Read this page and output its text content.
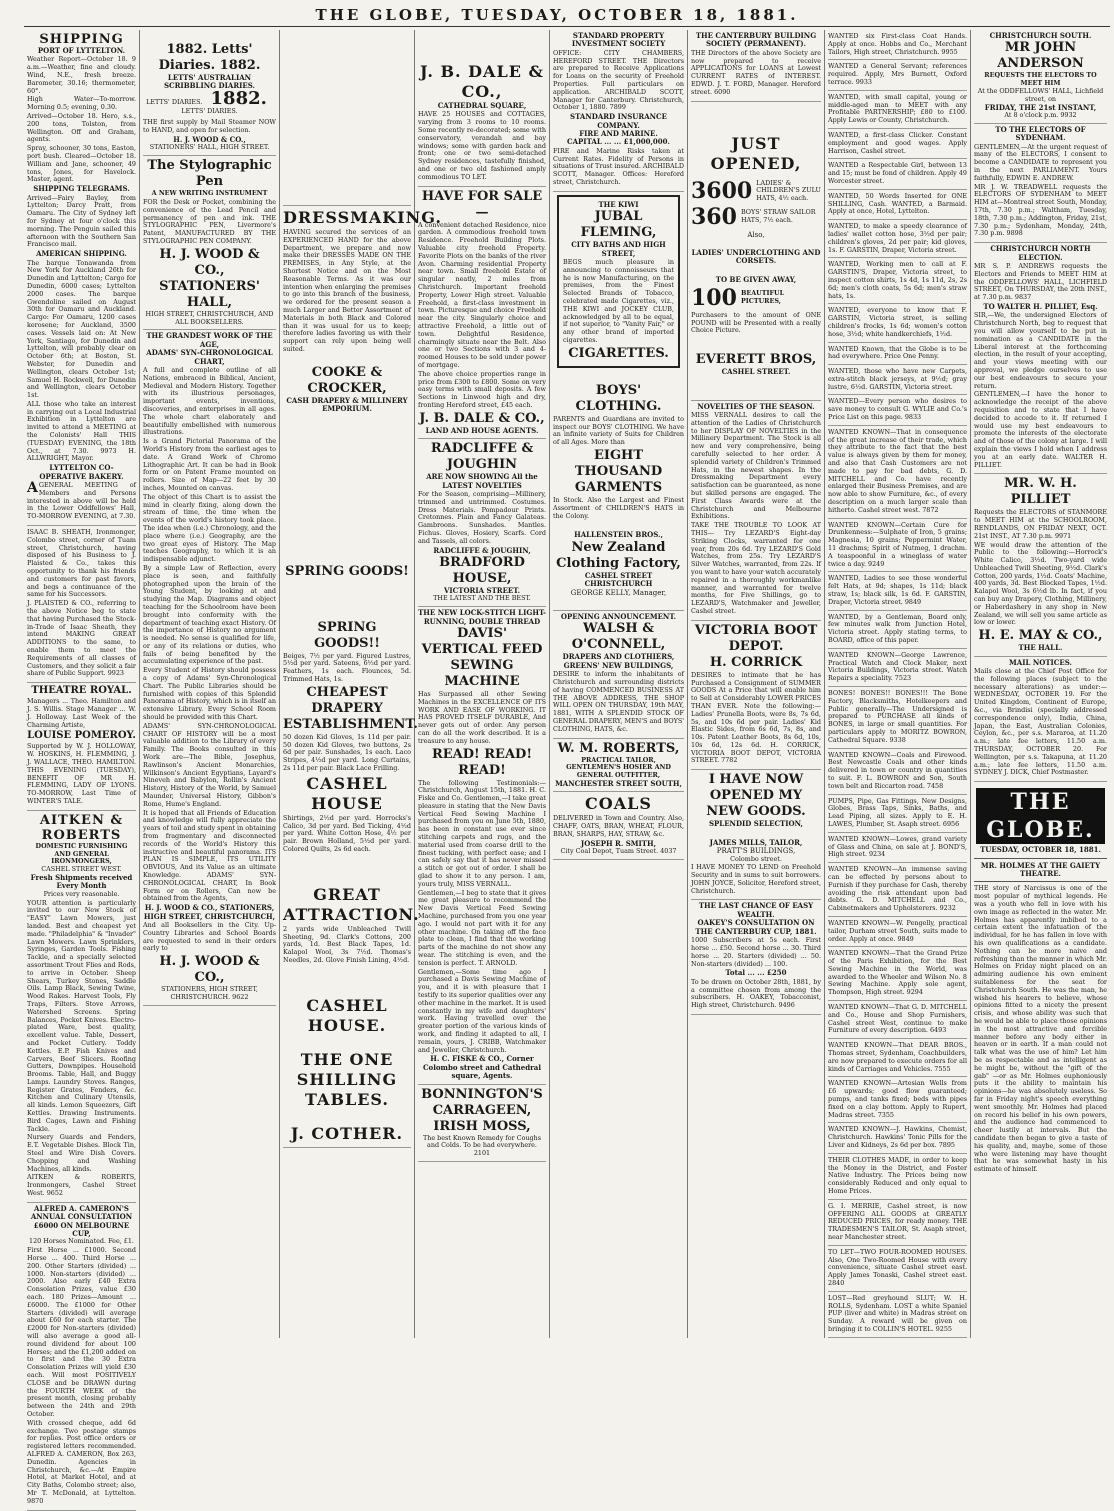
THE GLOBE, TUESDAY, OCTOBER 18, 1881.
SHIPPING
PORT OF LYTTELTON.
Weather Report—October 18. 9 a.m.—Weather, fine and cloudy. Wind, N.E., fresh breeze. Barometer, 30.16; thermometer, 60°.
High Water—To-morrow. Morning 0.5; evening, 0.30.
Arrived—October 18. Hero, s.s., 200 tons, Tolston, from Wellington. Off and Graham, agents.
Spray, schooner, 30 tons, Easton, port bush. Cleared—October 18. William and Jane, schooner, 49 tons, Jones, for Havelock. Master, agent.
SHIPPING TELEGRAMS.
Arrived—Fairy Bayley, from Lyttelton; Darcy Pratt, from Oamaru. The City of Sydney left for Sydney at four o'clock this morning. The Penguin sailed this afternoon with the Southern San Francisco mail.
AMERICAN SHIPPING.
The barque Tonawanda from New York for Auckland 26th for Dunedin and Lyttelton; Cargo for Dunedin, 6000 cases; Lyttelton 2000 cases. The barque Gwendoline sailed on August 30th for Oamaru and Auckland. Cargo: For Oamaru, 1200 cases kerosene; for Auckland, 3500 cases. Vessels laid on: At New York, Santiago, for Dunedin and Lyttelton, will probably clear on October 6th; at Boston, St. Webster, for Dunedin and Wellington, clears October 1st; Samuel H. Rockwell, for Dunedin and Wellington, clears October 1st.
ALL those who take an interest in carrying out a Local Industrial Exhibition in Lyttelton are invited to attend a MEETING at the Colonists' Hall THIS (TUESDAY) EVENING, the 18th Oct., at 7.30. 9973 H. ALLWRIGHT, Mayor.
LYTTELTON CO-OPERATIVE BAKERY.
AGENERAL MEETING of Members and Persons interested in above will be held in the Lower Oddfellows' Hall, TO-MORROW EVENING, at 7.30.
ISAAC B. SHEATH, Ironmonger, Colombo street, corner of Tuam street, Christchurch, having disposed of his Business to J. Plaisted & Co., takes this opportunity to thank his friends and customers for past favors, and begs a continuance of the same for his Successors.
J. PLAISTED & CO., referring to the above Notice beg to state that having Purchased the Stock-in-Trade of Isaac Sheath, they intend MAKING GREAT ADDITIONS to the same, to enable them to meet the Requirements of all classes of Customers, and they solicit a fair share of Public Support. 9923
THEATRE ROYAL.
Managers ... Theo. Hamilton and J. S. Willis. Stage Manager ... W. J. Holloway. Last Week of the Charming Artiste,
LOUISE POMEROY.
Supported by W. J. HOLLOWAY, W. HOSKINS, H. FLEMMING, J. J. WALLACE, THEO. HAMILTON. THIS EVENING (TUESDAY), BENEFIT OF MR H. FLEMMING, LADY OF LYONS. TO-MORROW, Last Time of WINTER'S TALE.
AITKEN & ROBERTS
DOMESTIC FURNISHING AND GENERAL IRONMONGERS,
CASHEL STREET WEST.
Fresh Shipments received Every Month
Prices very reasonable.
YOUR attention is particularly invited to our New Stock of "EASY" Lawn Mowers, just landed. Best and cheapest yet made. "Philadelphia" & "Invader" Lawn Mowers. Lawn Sprinklers, Syringes, Garden Tools. Fishing Tackle, and a specially selected assortment Trout Flies and Rods, to arrive in October. Sheep Shears, Turkey Stones, Saddle Oils. Lamp Black, Sewing Twine, Wood Rakes. Harvest Tools, Fly Traps, Filters. Stove Arrows, Watershed Screens. Spring Balances, Pocket Knives. Electro-plated Ware, best quality, excellent value. Table, Dessert, and Pocket Cutlery. Toddy Kettles. E.P. Fish Knives and Carvers, Beef Slicers. Roofing Gutters, Downpipes. Household Brooms. Table, Hall, and Buggy Lamps. Laundry Stoves. Ranges, Register Grates, Fenders, &c. Kitchen and Culinary Utensils, all kinds. Lemon Squeezers, Gift Kettles. Drawing Instruments. Bird Cages, Lawn and Fishing Tackle.
Nursery Guards and Fenders, E.T. Vegetable Dishes. Block Tin, Steel and Wire Dish Covers. Chopping and Washing Machines, all kinds.
AITKEN & ROBERTS, Ironmongers, Cashel Street West. 9652
ALFRED A. CAMERON'S ANNUAL CONSULTATION
£6000 ON MELBOURNE CUP,
120 Horses Nominated. Fee, £1.
First Horse ... £1000. Second Horse ... 400. Third Horse ... 200. Other Starters (divided) ... 1000. Non-starters (divided) ... 2000. Also early £40 Extra Consolation Prizes, value £30 each. 180 Prizes—Amount ... £6000. The £1000 for Other Starters (divided) will average about £60 for each starter. The £2000 for Non-starters (divided) will also average a good all-round dividend for about 100 Horses; and the £1,200 added on to first and the 30 Extra Consolation Prizes will yield £30 each. Will most POSITIVELY CLOSE and be DRAWN during the FOURTH WEEK of the present month, closing probably between the 24th and 29th October.
With crossed cheque, add 6d exchange. Two postage stamps for replies. Post office orders or registered letters recommended. ALFRED A. CAMERON, Box 263, Dunedin. Agencies in Christchurch, &c.—At Empire Hotel, at Market Hotel, and at City Baths, Colombo street; also, Mr T. McDonald, at Lyttelton. 9870
1882. Letts' Diaries. 1882.
LETTS' AUSTRALIAN SCRIBBLING DIARIES.
LETTS' DIARIES. 1882. LETTS' DIARIES.
THE first supply by Mail Steamer NOW to HAND, and open for selection.
H. J. WOOD & CO.,
STATIONERS' HALL, HIGH STREET.
The Stylographic Pen
A NEW WRITING INSTRUMENT
FOR the Desk or Pocket, combining the convenience of the Lead Pencil and permanency of pen and ink. THE STYLOGRAPHIC PEN, Livermore's Patent, MANUFACTURED BY THE STYLOGRAPHIC PEN COMPANY.
H. J. WOOD & CO., STATIONERS' HALL,
HIGH STREET, CHRISTCHURCH, AND ALL BOOKSELLERS.
THE GRANDEST WORK OF THE AGE,
ADAMS' SYN-CHRONOLOGICAL CHART,
A full and complete outline of all Nations, embraced in Biblical, Ancient, Medieval and Modern History. Together with its illustrious personages, important events, inventions, discoveries, and enterprises in all ages. The whole chart elaborately and beautifully embellished with numerous illustrations.
Is a Grand Pictorial Panorama of the World's History from the earliest ages to date. A Grand Work of Chromo Lithographic Art. It can be had in Book form or on Patent Frame mounted on rollers. Size of Map—22 feet by 30 inches, Mounted on canvas.
The object of this Chart is to assist the mind in clearly fixing, along down the stream of time, the time when the events of the world's history took place. The idea when (i.e.) Chronology, and the place where (i.e.) Geography, are the two great eyes of History. The Map teaches Geography, to which it is an indispensable adjunct.
By a simple Law of Reflection, every place is seen, and faithfully photographed upon the brain of the Young Student, by looking at and studying the Map. Diagrams and object teaching for the Schoolroom have been brought into conformity with the department of teaching exact History. Of the importance of History no argument is needed. No sense is qualified for life, or any of its relations or duties, who fails of being benefited by the accumulating experience of the past.
Every Student of History should possess a copy of Adams' Syn-Chronological Chart. The Public Libraries should be furnished with copies of this Splendid Panorama of History, which is in itself an extensive Library. Every School Room should be provided with this Chart.
ADAMS' SYN-CHRONOLOGICAL CHART OF HISTORY will be a most valuable addition to the Library of every Family. The Books consulted in this Work are—The Bible, Josephus, Rawlinson's Ancient Monarchies, Wilkinson's Ancient Egyptians, Layard's Nineveh and Babylon, Rollin's Ancient History, History of the World, by Samuel Maunder, Universal History, Gibbon's Rome, Hume's England.
It is hoped that all Friends of Education and knowledge will fully appreciate the years of toil and study spent in obtaining from fragmentary and disconnected records of the World's History this instructive and beautiful panorama. ITS PLAN IS SIMPLE, ITS UTILITY OBVIOUS, And its Value as an ultimate Knowledge. ADAMS' SYN-CHRONOLOGICAL CHART, In Book Form or on Rollers, Can now be obtained from the Agents,
H. J. WOOD & CO., STATIONERS, HIGH STREET, CHRISTCHURCH,
And all Booksellers in the City. Up-Country Libraries and School Boards are requested to send in their orders early to
H. J. WOOD & CO.,
STATIONERS, HIGH STREET, CHRISTCHURCH. 9622
DRESSMAKING.
HAVING secured the services of an EXPERIENCED HAND for the above Department, we prepare and now make their DRESSES MADE ON THE PREMISES, in Any Style, at the Shortest Notice and on the Most Reasonable Terms. As it was our intention when enlarging the premises to go into this branch of the business, we ordered for the present season a much Larger and Better Assortment of Materials in both Black and Colored than it was usual for us to keep; therefore ladies favoring us with their support can rely upon being well suited.
COOKE & CROCKER,
CASH DRAPERY & MILLINERY EMPORIUM.
SPRING GOODS!
SPRING GOODS!!
Beiges, 7½ per yard. Figured Lustres, 5½d per yard. Sateens, 6½d per yard. Feathers, 1s each. Flounces, 5d. Trimmed Hats, 1s.
CHEAPEST DRAPERY ESTABLISHMENT.
50 dozen Kid Gloves, 1s 11d per pair. 50 dozen Kid Gloves, two buttons, 2s 6d per pair. Sunshades, 1s each. Laco Stripes, 4½d per yard. Long Curtains, 2s 11d per pair. Black Lace Frilling.
CASHEL HOUSE
Shirtings, 2½d per yard. Horrocks's Calico, 3d per yard. Bed Ticking, 4½d per yard. White Cotton Hose, 4½ per pair. Brown Holland, 5½d per yard. Colored Quilts, 2s 6d each.
GREAT
ATTRACTION.
2 yards wide Unbleached Twill Sheeting, 9d. Clark's Cottons, 200 yards, 1d. Best Black Tapes, 1d. Kalapol Wool, 3s 7½d. Thomas's Needles, 2d. Glove Finish Lining, 4½d.
CASHEL HOUSE.
THE ONE SHILLING TABLES.
J. COTHER.
J. B. DALE & CO.,
CATHEDRAL SQUARE,
HAVE 25 HOUSES and COTTAGES, varying from 3 rooms to 10 rooms. Some recently re-decorated; some with conservatory, verandah and bay windows; some with garden back and front; one or two semi-detached Sydney residences, tastefully finished, and one or two old fashioned amply commodious TO LET.
HAVE FOR SALE—
A convenient detached Residence, nice garden. A commodious freehold town Residence. Freehold Building Plots. Valuable city freehold Property. Favorite Plots on the banks of the river Avon. Charming residential Property near town. Small freehold Estate of singular neatly, 2 miles from Christchurch. Important freehold Property, Lower High street. Valuable Freehold, a first-class investment in town. Picturesque and choice Freehold near the city. Singularly choice and attractive Freehold, a little out of town. Delightful Residence, charmingly situate near the Belt. Also one or two Sections with 3 and 4-roomed Houses to be sold under power of mortgage.
The above choice properties range in price from £300 to £800. Some on very easy terms with small deposits. A few Sections in Linwood high and dry, fronting Hereford street, £45 each.
J. B. DALE & CO.,
LAND AND HOUSE AGENTS.
RADCLIFFE & JOUGHIN
ARE NOW SHOWING All the LATEST NOVELTIES
For the Season, comprising—Millinery, trimmed and untrimmed. Costumes. Dress Materials. Pompadour Prints. Cretonnes. Plain and Fancy Galateas. Gambroons. Sunshades. Mantles. Fichus. Gloves, Hosiery, Scarfs. Cord and Tassels, all colors.
RADCLIFFE & JOUGHIN,
BRADFORD HOUSE,
VICTORIA STREET.
THE LATEST AND THE BEST.
THE NEW LOCK-STITCH LIGHT-RUNNING, DOUBLE THREAD
DAVIS' VERTICAL FEED SEWING MACHINE
Has Surpassed all other Sewing Machines in the EXCELLENCE OF ITS WORK AND EASE OF WORKING. IT HAS PROVED ITSELF DURABLE, And never gets out of order. Any person can do all the work described. It is a treasure to any house.
READ! READ! READ!
The following Testimonials:— Christchurch, August 15th, 1881. H. C. Fiske and Co. Gentlemen,—I take great pleasure in stating that the New Davis Vertical Feed Sewing Machine I purchased from you on June 5th, 1880, has been in constant use ever since stitching carpets and rugs, and the material used from coarse drill to the finest tucking, with perfect ease; and I can safely say that it has never missed a stitch or got out of order. I shall be glad to show it to any person. I am, yours truly, MISS VERNALL.
Gentlemen,—I beg to state that it gives me great pleasure to recommend the New Davis Vertical Feed Sewing Machine, purchased from you one year ago. I would not part with it for any other machine. On taking off the face plate to clean, I find that the working parts of the machine do not show any wear. The stitching is even, and the tension is perfect. T. ARNOLD.
Gentlemen,—Some time ago I purchased a Davis Sewing Machine of you, and it is with pleasure that I testify to its superior qualities over any other machine in the market. It is used constantly in my wife and daughters' work. Having travelled over the greater portion of the various kinds of work, and finding it adapted to all, I remain, yours, J. CRIBB, Watchmaker and Jeweller, Christchurch.
H. C. FISKE & CO., Corner Colombo street and Cathedral square, Agents.
BONNINGTON'S CARRAGEEN, IRISH MOSS,
The best Known Remedy for Coughs and Colds. To be had everywhere. 2101
STANDARD PROPERTY INVESTMENT SOCIETY
OFFICE: CITY CHAMBERS, HEREFORD STREET. THE Directors are prepared to Receive Applications for Loans on the security of Freehold Properties. Full particulars on application. ARCHIBALD SCOTT, Manager for Canterbury. Christchurch, October 1, 1880. 7899
STANDARD INSURANCE COMPANY.
FIRE AND MARINE.
CAPITAL ... ... £1,000,000.
FIRE and Marine Risks taken at Current Rates. Fidelity of Persons in situations of Trust insured. ARCHIBALD SCOTT, Manager. Offices: Hereford street, Christchurch.
THE KIWI
JUBAL FLEMING,
CITY BATHS AND HIGH STREET,
BEGS much pleasure in announcing to connoisseurs that he is now Manufacturing, on the premises, from the Finest Selected Brands of Tobacco, celebrated made Cigarettes, viz., THE KIWI and JOCKEY CLUB, acknowledged by all to be equal, if not superior, to "Vanity Fair," or any other brand of imported cigarettes.
CIGARETTES.
BOYS' CLOTHING.
PARENTS and Guardians are invited to inspect our BOYS' CLOTHING. We have an infinite variety of Suits for Children of all Ages. More than
EIGHT THOUSAND GARMENTS
In Stock. Also the Largest and Finest Assortment of CHILDREN'S HATS in the Colony.
HALLENSTEIN BROS.,
New Zealand Clothing Factory,
CASHEL STREET
CHRISTCHURCH
GEORGE KELLY, Manager,
OPENING ANNOUNCEMENT.
WALSH & O'CONNELL,
DRAPERS AND CLOTHIERS,
GREENS' NEW BUILDINGS,
DESIRE to inform the inhabitants of Christchurch and surrounding districts of having COMMENCED BUSINESS AT THE ABOVE ADDRESS, THE SHOP WILL OPEN ON THURSDAY, 19th MAY, 1881, WITH A SPLENDID STOCK OF GENERAL DRAPERY, MEN'S and BOYS' CLOTHING, HATS, &c.
W. M. ROBERTS,
PRACTICAL TAILOR, GENTLEMEN'S HOSIER AND GENERAL OUTFITTER,
MANCHESTER STREET SOUTH,
COALS
DELIVERED in Town and Country. Also, CHAFF, OATS, BRAN, WHEAT, FLOUR, BRAN, SHARPS, HAY, STRAW, &c.
JOSEPH R. SMITH,
City Coal Depot, Tuam Street. 4037
THE CANTERBURY BUILDING SOCIETY (PERMANENT).
THE Directors of the above Society are now prepared to receive APPLICATIONS for LOANS at Lowest CURRENT RATES of INTEREST. EDWD. J. T. FORD, Manager. Hereford street. 6090
JUST OPENED,
3600 LADIES' & CHILDREN'S ZULU HATS, 4½ each.
360 BOYS' STRAW SAILOR HATS, 7½ each.
Also,
LADIES' UNDERCLOTHING AND CORSETS.
TO BE GIVEN AWAY,
100 BEAUTIFUL PICTURES,
Purchasers to the amount of ONE POUND will be Presented with a really Choice Picture.
EVERETT BROS,
CASHEL STREET.
NOVELTIES OF THE SEASON.
MISS VERNALL desires to call the attention of the Ladies of Christchurch to her DISPLAY OF NOVELTIES in the Millinery Department. The Stock is all new and very comprehensive, being carefully selected to her order. A splendid variety of Children's Trimmed Hats, in the newest shapes. In the Dressmaking Department every satisfaction can be guaranteed, as none but skilled persons are engaged. The First Class Awards were at the Christchurch and Melbourne Exhibitions.
TAKE THE TROUBLE TO LOOK AT THIS— Try LEZARD'S Eight-day Striking Clocks, warranted for one year, from 20s 6d. Try LEZARD'S Gold Watches, from 25s. Try LEZARD'S Silver Watches, warranted, from 22s. If you want to have your watch accurately repaired in a thoroughly workmanlike manner, and warranted for twelve months, for Five Shillings, go to LEZARD'S, Watchmaker and Jeweller, Cashel street.
VICTORIA BOOT DEPOT.
H. CORRICK
DESIRES to intimate that he has Purchased a Consignment of SUMMER GOODS At a Price that will enable him to Sell at Considerably LOWER PRICES THAN EVER. Note the following:— Ladies' Prunella Boots, were 8s, 7s 6d, 5s, and 10s 6d per pair. Ladies' Kid Elastic Sides, from 6s 6d, 7s, 8s, and 10s. Patent Leather Boots, 8s 6d, 10s, 10s 6d, 12s 6d. H. CORRICK, VICTORIA BOOT DEPOT, VICTORIA STREET. 7782
I HAVE NOW OPENED MY NEW GOODS.
SPLENDID SELECTION,
JAMES MILLS, TAILOR,
PRATT'S BUILDINGS,
Colombo street.
I HAVE MONEY TO LEND on Freehold Security and in sums to suit borrowers. JOHN JOYCE, Solicitor, Hereford street, Christchurch.
THE LAST CHANCE OF EASY WEALTH.
OAKEY'S CONSULTATION ON THE CANTERBURY CUP, 1881.
1000 Subscribers at 5s each. First horse ... £50. Second horse ... 30. Third horse ... 20. Starters (divided) ... 50. Non-starters (divided) ... 100.
Total ... ... £250
To be drawn on October 28th, 1881, by a committee chosen from among the subscribers. H. OAKEY, Tobacconist, High street, Christchurch. 9496
WANTED six First-class Coat Hands. Apply at once. Hobbs and Co., Merchant Tailors, High street, Christchurch. 9955
WANTED a General Servant; references required. Apply, Mrs Burnett, Oxford terrace. 9933
WANTED, with small capital, young or middle-aged man to MEET with any Profitable PARTNERSHIP; £80 to £100. Apply Lewis or County, Christchurch.
WANTED, a first-class Clicker. Constant employment and good wages. Apply Harrison, Cashel street.
WANTED a Respectable Girl, between 13 and 15; must be fond of children. Apply 49 Worcester street.
WANTED, 50 Words Inserted for ONE SHILLING, Cash. WANTED, a Barmaid. Apply at once, Hotel, Lyttelton.
WANTED, to make a speedy clearance of ladies' wallet cotton hose, 3½d per pair; children's gloves, 2d per pair; kid gloves, 1s. F. GARSTIN, Draper, Victoria street.
WANTED, Working men to call at F. GARSTIN'S, Draper, Victoria street, to inspect cotton shirts, 1s 4d, 1s 11d, 2s, 2s 6d; men's cloth coats, 5s 6d; men's straw hats, 1s.
WANTED, everyone to know that F. GARSTIN, Victoria street, is selling children's frocks, 1s 6d; women's cotton hose, 3½d; white handkerchiefs, 1½d.
WANTED Known, that the Globe is to be had everywhere. Price One Penny.
WANTED, those who have new Carpets, extra-stitch black jerseys, at 9½d; gray lustre, 6½d. GARSTIN, Victoria street.
WANTED—Every person who desires to save money to consult G. WYLIE and Co.'s Price List on this page. 9833
WANTED KNOWN—That in consequence of the great increase of their trade, which they attribute to the fact that the best value is always given by them for money, and also that Cash Customers are not made to pay for bad debts, G. D. MITCHELL and Co. have recently enlarged their Business Premises, and are now able to show Furniture, &c., of every description on a much larger scale than hitherto. Cashel street west. 7872
WANTED KNOWN—Certain Cure for Drunkenness:—Sulphate of Iron, 5 grains; Magnesia, 10 grains; Peppermint Water, 11 drachms; Spirit of Nutmeg, 1 drachm. A teaspoonful in a wineglass of water twice a day. 9249
WANTED, Ladies to see those wonderful felt Hats, at 9d; shapes, 1s 11d; black straw, 1s; black silk, 1s 6d. F. GARSTIN, Draper, Victoria street. 9849
WANTED, by a Gentleman, Board only, few minutes walk from Junction Hotel, Victoria street. Apply stating terms, to BOARD, office of this paper.
WANTED KNOWN—George Lawrence, Practical Watch and Clock Maker, next Victoria Buildings, Victoria street. Watch Repairs a speciality. 7523
BONES! BONES!! BONES!!! The Bone Factory, Blacksmiths, Hotelkeepers and Public generally—The Undersigned is prepared to PURCHASE all kinds of BONES, in large or small quantities. For particulars apply to MORITZ BOWRON, Cathedral Square. 9338
WANTED KNOWN—Coals and Firewood. Best Newcastle Coals and other kinds delivered in town or country in quantities to suit. F. L. BOWRON and Son, South town belt and Riccarton road. 7458
PUMPS, Pipe, Gas Fittings, New Designs, Globes, Brass Taps, Sinks, Baths, and Lead Piping, all sizes. Apply to E. H. LAWES, Plumber, St. Asaph street. 6956
WANTED KNOWN—Lowes, grand variety of Glass and China, on sale at J. BOND'S, High street. 9234
WANTED KNOWN—An immense saving can be effected by persons about to Furnish if they purchase for Cash, thereby avoiding the risk attendant upon bad debts. G. D. MITCHELL and Co., Cabinetmakers and Upholsterers. 9232
WANTED KNOWN—W. Pengelly, practical tailor, Durham street South, suits made to order. Apply at once. 9849
WANTED KNOWN—That the Grand Prize of the Paris Exhibition, for the Best Sewing Machine in the World, was awarded to the Wheeler and Wilson No. 8 Sewing Machine. Apply sole agent, Thompson, High street. 9294
WANTED KNOWN—That G. D. MITCHELL and Co., House and Shop Furnishers, Cashel street West, continue to make Furniture of every description. 6493
WANTED KNOWN—That DEAR BROS., Thomas street, Sydenham, Coachbuilders, are now prepared to execute orders for all kinds of Carriages and Vehicles. 7555
WANTED KNOWN—Artesian Wells from £6 upwards; good flow guaranteed; pumps, and tanks fixed; beds with pipes fixed on a clay bottom. Apply to Rupert, Madras street. 7355
WANTED KNOWN—J. Hawkins, Chemist, Christchurch. Hawkins' Tonic Pills for the Liver and Kidneys, 2s 6d per box. 7895
THEIR CLOTHES MADE, in order to keep the Money in the District, and Foster Native Industry. The Prices being now considerably Reduced and only equal to Home Prices.
G. I. MERRIE, Cashel street, is now OFFERING ALL GOODS at GREATLY REDUCED PRICES, for ready money. THE TRADESMEN'S TAILOR, St. Asaph street, near Manchester street.
TO LET—TWO FOUR-ROOMED HOUSES. Also, One Two-Roomed House with every convenience, situate Cashel street east. Apply James Tonaski, Cashel street east. 2840
LOST—Red greyhound SLUT; W. H. ROLLS, Sydenham. LOST a white Spaniel PUP (liver and white) in Madras street on Sunday. A reward will be given on bringing it to COLLIN'S HOTEL. 9255
CHRISTCHURCH SOUTH.
MR JOHN ANDERSON
REQUESTS THE ELECTORS TO MEET HIM
At the ODDFELLOWS' HALL, Lichfield street, on
FRIDAY, THE 21st INSTANT,
At 8 o'clock p.m. 9932
TO THE ELECTORS OF SYDENHAM.
GENTLEMEN,—At the urgent request of many of the ELECTORS, I consent to become a CANDIDATE to represent you in the next PARLIAMENT. Yours faithfully, EDWIN E. ANDREW.
MR J. W. TREADWELL requests the ELECTORS OF SYDENHAM to MEET HIM at—Montreal street South, Monday, 17th, 7.30 p.m.; Waltham, Tuesday, 18th, 7.30 p.m.; Addington, Friday, 21st, 7.30 p.m.; Sydenham, Monday, 24th, 7.30 p.m. 9898
CHRISTCHURCH NORTH ELECTION.
MR S. P. ANDREWS requests the Electors and Friends to MEET HIM at the ODDFELLOWS' HALL, LICHFIELD STREET, On THURSDAY, the 20th INST., at 7.30 p.m. 9837
TO WALTER H. PILLIET, Esq.
SIR,—We, the undersigned Electors of Christchurch North, beg to request that you will allow yourself to be put in nomination as a CANDIDATE in the Liberal interest at the forthcoming election, in the result of your accepting, and your views meeting with our approval, we pledge ourselves to use our best endeavours to secure your return.
GENTLEMEN,—I have the honor to acknowledge the receipt of the above requisition and to state that I have decided to accede to it. If returned I would use my best endeavours to promote the interests of the electorate and of those of the colony at large. I will explain the views I hold when I address you at an early date. WALTER H. PILLIET.
MR. W. H. PILLIET
Requests the ELECTORS of STANMORE to MEET HIM at the SCHOOLROOM, RENDLANDS, ON FRIDAY NEXT, OCT. 21st INST., AT 7.30 p.m. 9971
WE would draw the attention of the Public to the following:—Horrock's White Calico, 3½d. Two-yard wide Unbleached Twill Sheeting, 9½d. Clark's Cotton, 200 yards, 1½d. Coats' Machine, 400 yards, 3d. Best Blocked Tapes, 1½d. Kalapol Wool, 3s 6½d lb. In fact, if you can buy any Drapery, Clothing, Millinery, or Haberdashery in any shop in New Zealand, we will sell you same article as low or lower.
H. E. MAY & CO.,
THE HALL.
MAIL NOTICES.
Mails close at the Chief Post Office for the following places (subject to the necessary alterations) as under:— WEDNESDAY, OCTOBER 19. For the United Kingdom, Continent of Europe, &c., via Brindisi (specially addressed correspondence only), India, China, Japan, the East, Australian Colonies, Ceylon, &c., per s.s. Mararoa, at 11.20 a.m.; late fee letters, 11.50 a.m. THURSDAY, OCTOBER 20. For Wellington, per s.s. Takapuna, at 11.20 a.m.; late fee letters, 11.50 a.m. SYDNEY J. DICK, Chief Postmaster.
THE GLOBE.
TUESDAY, OCTOBER 18, 1881.
MR. HOLMES AT THE GAIETY THEATRE.
THE story of Narcissus is one of the most popular of mythical legends. He was a youth who fell in love with his own image as reflected in the water. Mr. Holmes has apparently imbibed to a certain extent the infatuation of the individual, for he has fallen in love with his own qualifications as a candidate. Nothing can be more naive and refreshing than the manner in which Mr. Holmes on Friday night placed on an admiring audience his own eminent suitableness for the seat for Christchurch South. He was the man, he wished his hearers to believe, whose opinions fitted to a nicety the present crisis, and whose ability was such that he would be able to place those opinions in the most attractive and forcible manner before any body either in heaven or in earth. If a man could not talk what was the use of him? Let him be as respectable and as intelligent as he might be, without the "gift of the gab" —or as Mr. Holmes euphoniously puts it the ability to maintain his opinions—he was absolutely useless. So far in Friday night's speech everything went smoothly. Mr. Holmes had placed on record his belief in his own powers, and the audience had commenced to cheer lustily at intervals. But the candidate then began to give a taste of his quality, and, maybe, some of those who were listening may have thought that he was somewhat hasty in his estimate of himself.
